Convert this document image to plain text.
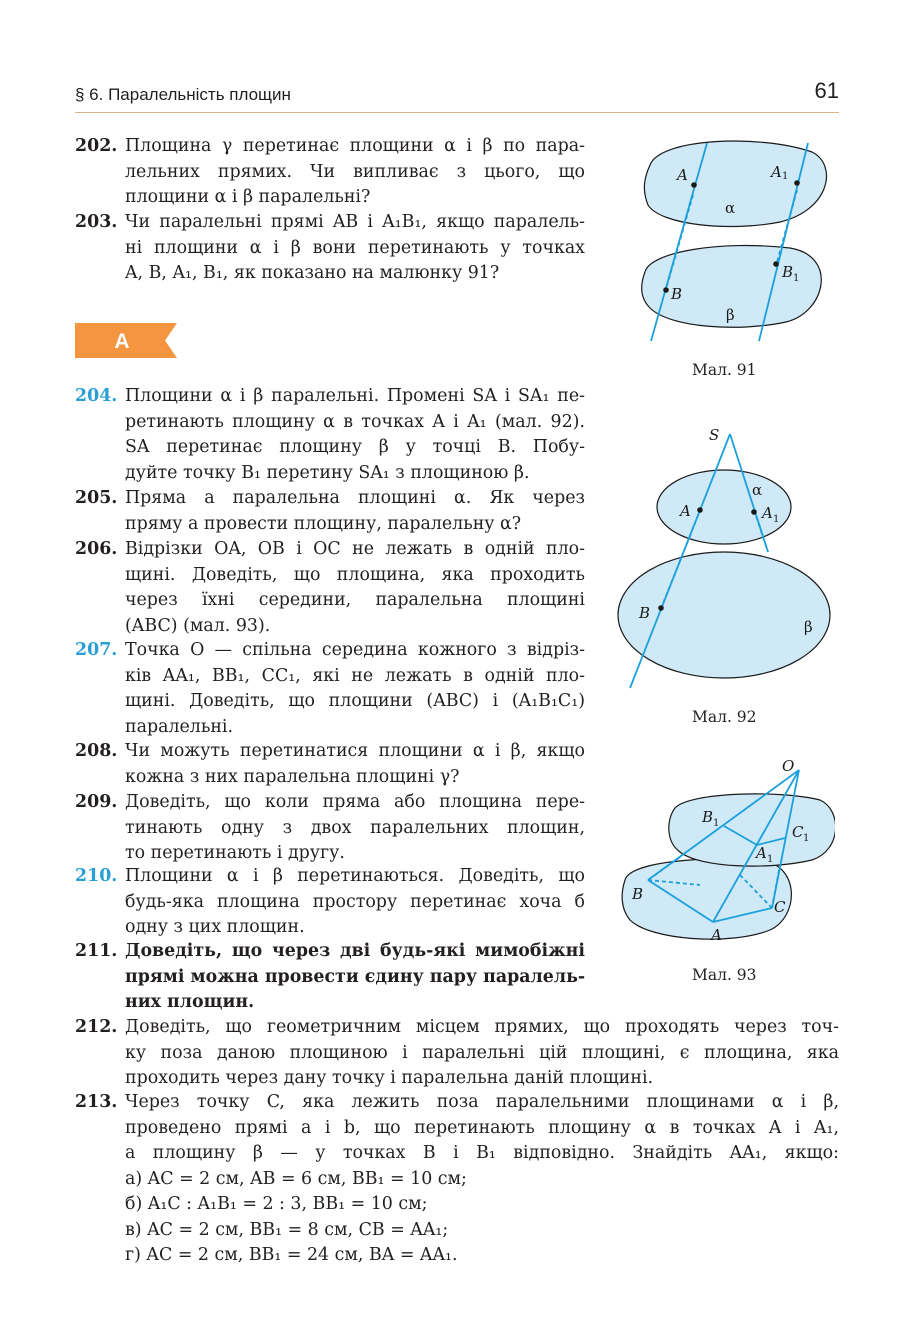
§ 6. Паралельність площин	61
202. Площина γ перетинає площини α і β по пара-
лельних прямих. Чи випливає з цього, що
площини α і β паралельні?
203. Чи паралельні прямі AB і A₁B₁, якщо паралель-
ні площини α і β вони перетинають у точках
A, B, A₁, B₁, як показано на малюнку 91?
А
204. Площини α і β паралельні. Промені SA і SA₁ пе-
ретинають площину α в точках A і A₁ (мал. 92).
SA перетинає площину β у точці B. Побу-
дуйте точку B₁ перетину SA₁ з площиною β.
205. Пряма a паралельна площині α. Як через
пряму a провести площину, паралельну α?
206. Відрізки OA, OB і OC не лежать в одній пло-
щині. Доведіть, що площина, яка проходить
через їхні середини, паралельна площині
(ABC) (мал. 93).
207. Точка O — спільна середина кожного з відріз-
ків AA₁, BB₁, CC₁, які не лежать в одній пло-
щині. Доведіть, що площини (ABC) і (A₁B₁C₁)
паралельні.
208. Чи можуть перетинатися площини α і β, якщо
кожна з них паралельна площині γ?
209. Доведіть, що коли пряма або площина пере-
тинають одну з двох паралельних площин,
то перетинають і другу.
210. Площини α і β перетинаються. Доведіть, що
будь-яка площина простору перетинає хоча б
одну з цих площин.
211. Доведіть, що через дві будь-які мимобіжні
прямі можна провести єдину пару паралель-
них площин.
212. Доведіть, що геометричним місцем прямих, що проходять через точ-
ку поза даною площиною і паралельні цій площині, є площина, яка
проходить через дану точку і паралельна даній площині.
213. Через точку C, яка лежить поза паралельними площинами α і β,
проведено прямі a і b, що перетинають площину α в точках A і A₁,
а площину β — у точках B і B₁ відповідно. Знайдіть AA₁, якщо:
а) AC = 2 см, AB = 6 см, BB₁ = 10 см;
б) A₁C : A₁B₁ = 2 : 3, BB₁ = 10 см;
в) AC = 2 см, BB₁ = 8 см, CB = AA₁;
г) AC = 2 см, BB₁ = 24 см, BA = AA₁.
A	A 1
α
B
B 1
β
Мал. 91
S
α
A	A 1
B
β
Мал. 92
O
B 1	C 1
A 1
B
C
A
Мал. 93
